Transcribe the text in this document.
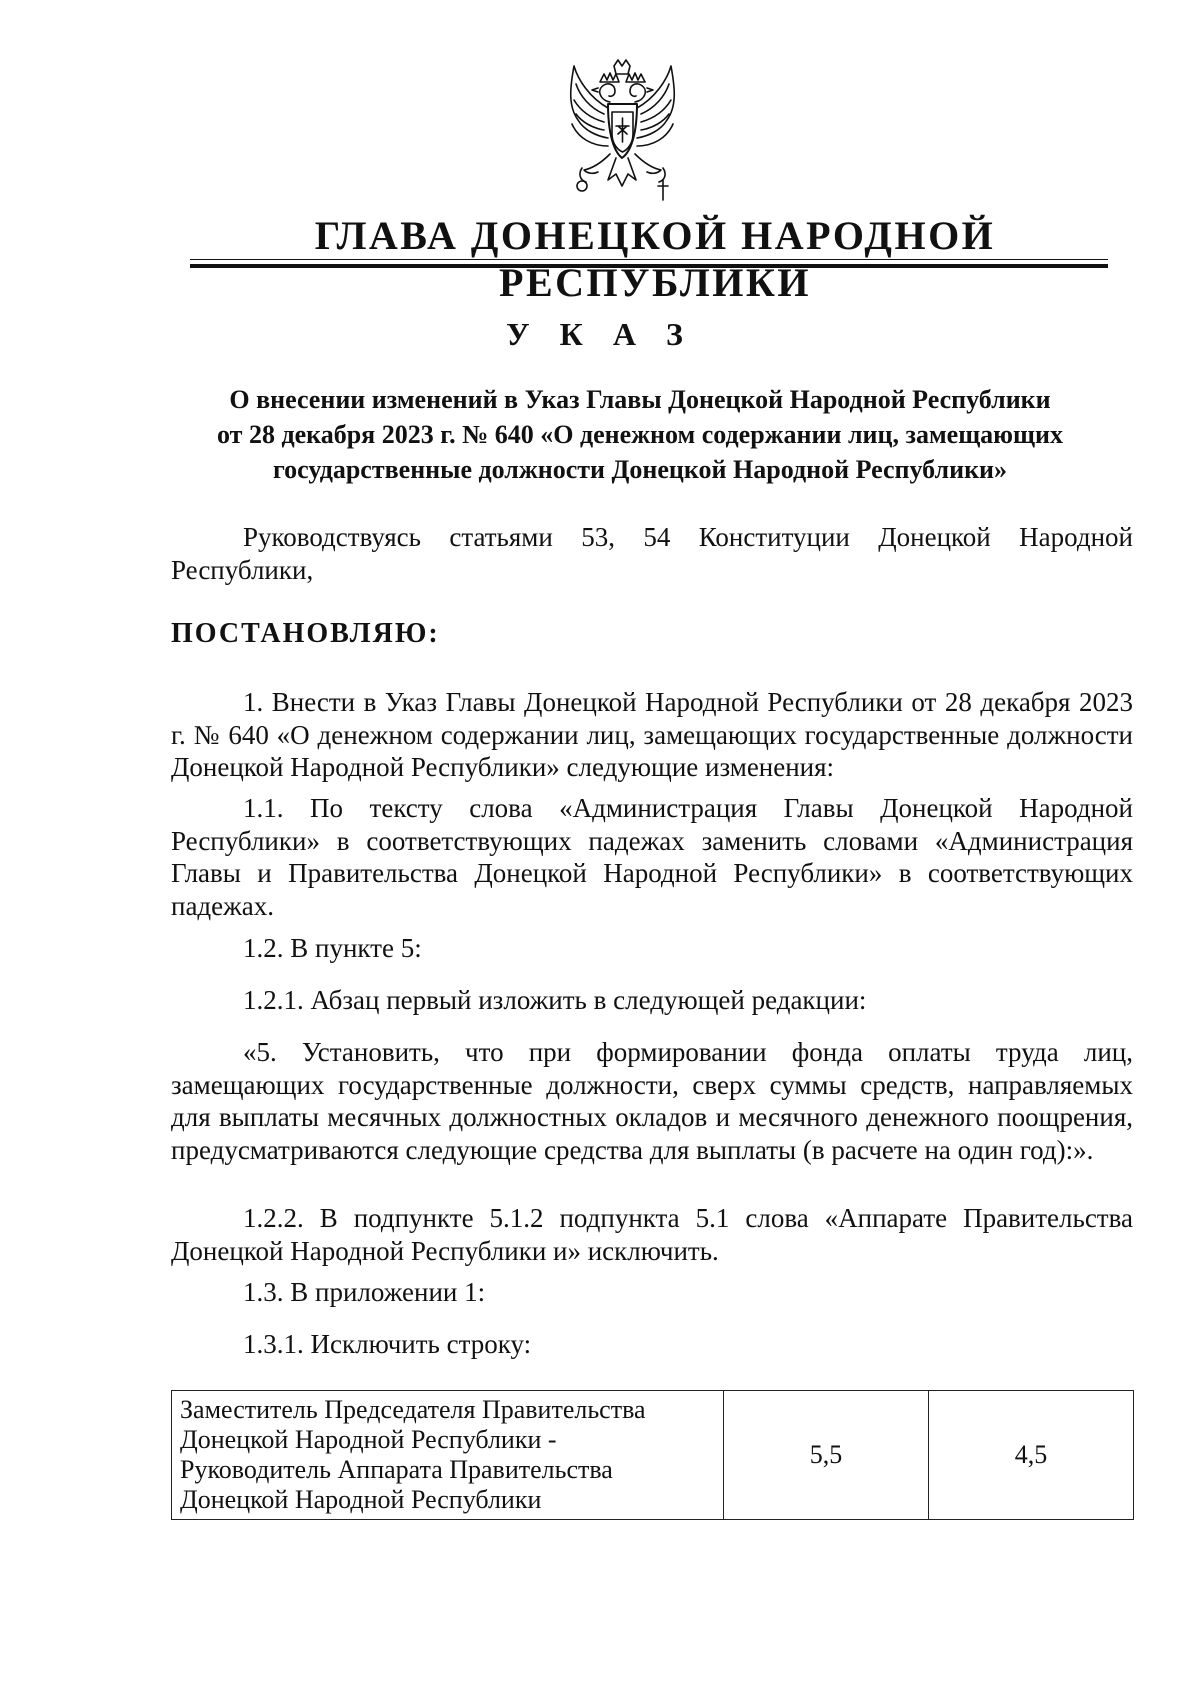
ГЛАВА ДОНЕЦКОЙ НАРОДНОЙ РЕСПУБЛИКИ
У К А З
О внесении изменений в Указ Главы Донецкой Народной Республики
от 28 декабря 2023 г. № 640 «О денежном содержании лиц, замещающих
государственные должности Донецкой Народной Республики»

Руководствуясь статьями 53, 54 Конституции Донецкой Народной Республики,

ПОСТАНОВЛЯЮ:

1. Внести в Указ Главы Донецкой Народной Республики от 28 декабря 2023 г. № 640 «О денежном содержании лиц, замещающих государственные должности Донецкой Народной Республики» следующие изменения:

1.1. По тексту слова «Администрация Главы Донецкой Народной Республики» в соответствующих падежах заменить словами «Администрация Главы и Правительства Донецкой Народной Республики» в соответствующих падежах.

1.2. В пункте 5:

1.2.1. Абзац первый изложить в следующей редакции:

«5. Установить, что при формировании фонда оплаты труда лиц, замещающих государственные должности, сверх суммы средств, направляемых для выплаты месячных должностных окладов и месячного денежного поощрения, предусматриваются следующие средства для выплаты (в расчете на один год):».

1.2.2. В подпункте 5.1.2 подпункта 5.1 слова «Аппарате Правительства Донецкой Народной Республики и» исключить.

1.3. В приложении 1:

1.3.1. Исключить строку:

Заместитель Председателя Правительства
Донецкой Народной Республики -
Руководитель Аппарата Правительства
Донецкой Народной Республики
	5,5	4,5
